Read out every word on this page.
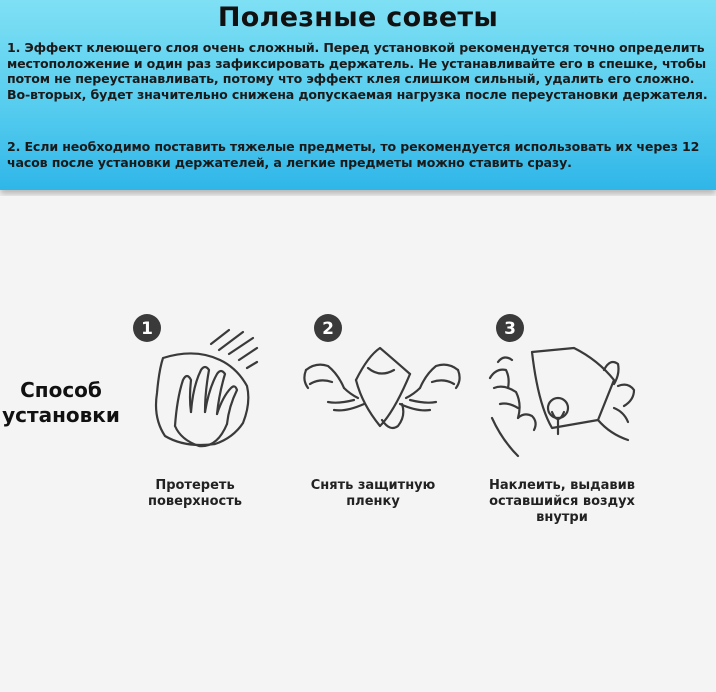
Полезные советы
1. Эффект клеющего слоя очень сложный. Перед установкой рекомендуется точно определить
местоположение и один раз зафиксировать держатель. Не устанавливайте его в спешке, чтобы
потом не переустанавливать, потому что эффект клея слишком сильный, удалить его сложно.
Во-вторых, будет значительно снижена допускаемая нагрузка после переустановки держателя.
2. Если необходимо поставить тяжелые предметы, то рекомендуется использовать их через 12
часов после установки держателей, а легкие предметы можно ставить сразу.
Способ
установки
1
Протереть
поверхность
2
Снять защитную
пленку
3
Наклеить, выдавив
оставшийся воздух
внутри
